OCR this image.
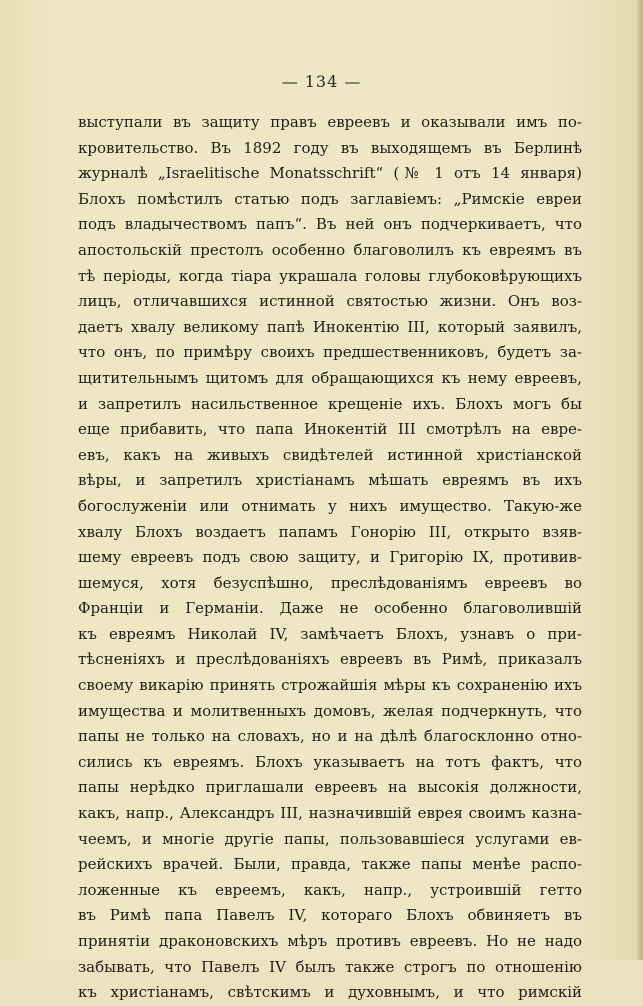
— 134 —
выступали въ защиту правъ евреевъ и оказывали имъ по-
кровительство. Въ 1892 году въ выходящемъ въ Берлинѣ
журналѣ „Israelitische Monatsschrift“ (№ 1 отъ 14 января)
Блохъ помѣстилъ статью подъ заглавіемъ: „Римскіе евреи
подъ владычествомъ папъ“. Въ ней онъ подчеркиваетъ, что
апостольскій престолъ особенно благоволилъ къ евреямъ въ
тѣ періоды, когда тіара украшала головы глубоковѣрующихъ
лицъ, отличавшихся истинной святостью жизни. Онъ воз-
даетъ хвалу великому папѣ Инокентію III, который заявилъ,
что онъ, по примѣру своихъ предшественниковъ, будетъ за-
щитительнымъ щитомъ для обращающихся къ нему евреевъ,
и запретилъ насильственное крещеніе ихъ. Блохъ могъ бы
еще прибавить, что папа Инокентій III смотрѣлъ на евре-
евъ, какъ на живыхъ свидѣтелей истинной христіанской
вѣры, и запретилъ христіанамъ мѣшать евреямъ въ ихъ
богослуженіи или отнимать у нихъ имущество. Такую-же
хвалу Блохъ воздаетъ папамъ Гонорію III, открыто взяв-
шему евреевъ подъ свою защиту, и Григорію IX, противив-
шемуся, хотя безуспѣшно, преслѣдованіямъ евреевъ во
Франціи и Германіи. Даже не особенно благоволившій
къ евреямъ Николай IV, замѣчаетъ Блохъ, узнавъ о при-
тѣсненіяхъ и преслѣдованіяхъ евреевъ въ Римѣ, приказалъ
своему викарію принять строжайшія мѣры къ сохраненію ихъ
имущества и молитвенныхъ домовъ, желая подчеркнуть, что
папы не только на словахъ, но и на дѣлѣ благосклонно отно-
сились къ евреямъ. Блохъ указываетъ на тотъ фактъ, что
папы нерѣдко приглашали евреевъ на высокія должности,
какъ, напр., Александръ III, назначившій еврея своимъ казна-
чеемъ, и многіе другіе папы, пользовавшіеся услугами ев-
рейскихъ врачей. Были, правда, также папы менѣе распо-
ложенные къ евреемъ, какъ, напр., устроившій гетто
въ Римѣ папа Павелъ IV, котораго Блохъ обвиняетъ въ
принятіи драконовскихъ мѣръ противъ евреевъ. Но не надо
забывать, что Павелъ IV былъ также строгъ по отношенію
къ христіанамъ, свѣтскимъ и духовнымъ, и что римскій
